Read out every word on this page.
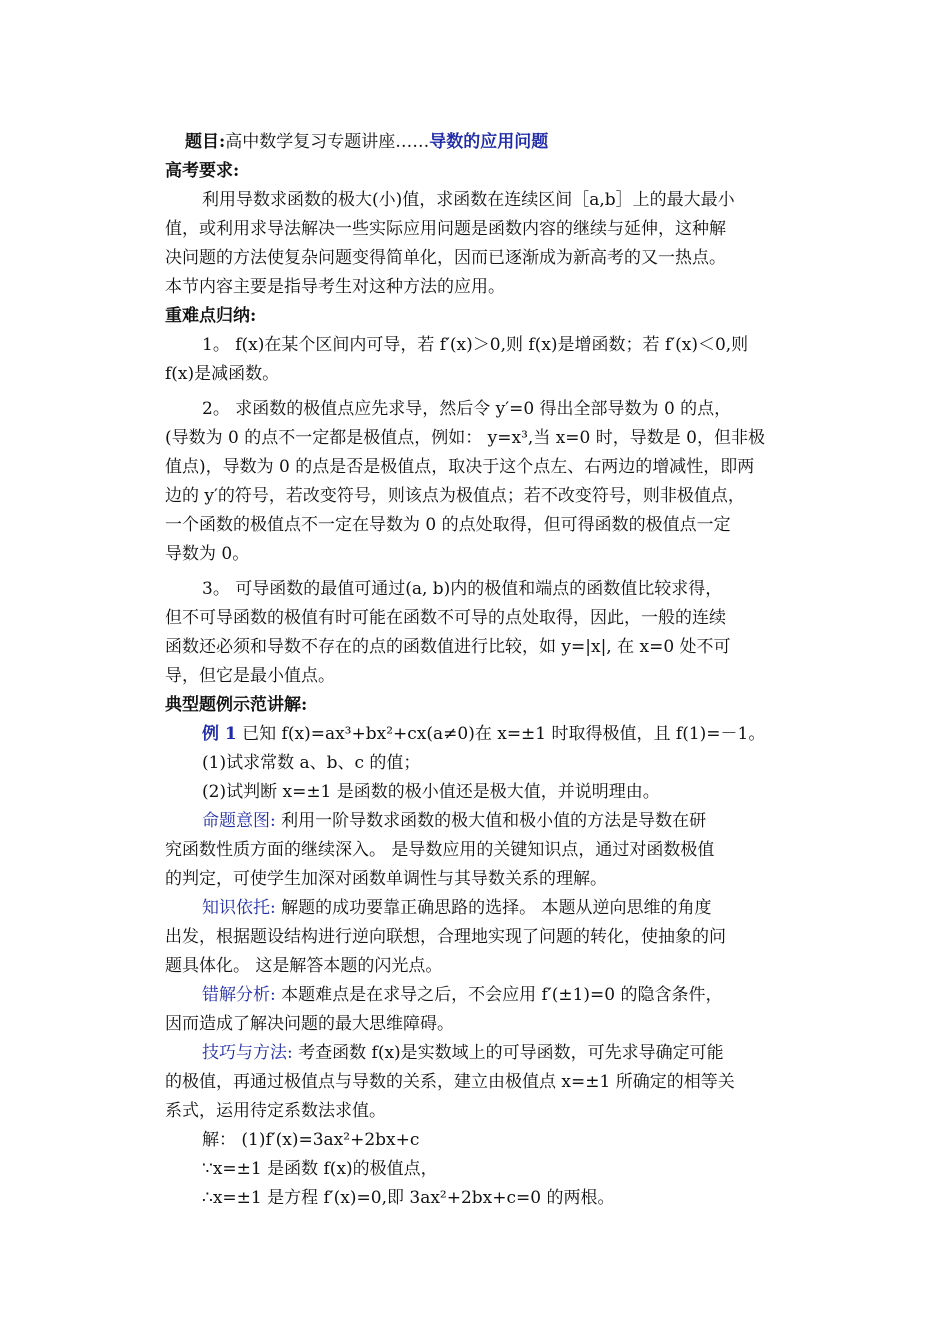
题目:高中数学复习专题讲座……导数的应用问题
高考要求:
利用导数求函数的极大(小)值，求函数在连续区间［a,b］上的最大最小
值，或利用求导法解决一些实际应用问题是函数内容的继续与延伸，这种解
决问题的方法使复杂问题变得简单化，因而已逐渐成为新高考的又一热点。
本节内容主要是指导考生对这种方法的应用。
重难点归纳:
1。 f(x)在某个区间内可导，若 f′(x)＞0,则 f(x)是增函数；若 f′(x)＜0,则
f(x)是减函数。
2。 求函数的极值点应先求导，然后令 y′=0 得出全部导数为 0 的点，
(导数为 0 的点不一定都是极值点，例如： y=x³,当 x=0 时，导数是 0，但非极
值点)，导数为 0 的点是否是极值点，取决于这个点左、右两边的增减性，即两
边的 y′的符号，若改变符号，则该点为极值点；若不改变符号，则非极值点，
一个函数的极值点不一定在导数为 0 的点处取得，但可得函数的极值点一定
导数为 0。
3。 可导函数的最值可通过(a, b)内的极值和端点的函数值比较求得，
但不可导函数的极值有时可能在函数不可导的点处取得，因此，一般的连续
函数还必须和导数不存在的点的函数值进行比较，如 y=|x|, 在 x=0 处不可
导，但它是最小值点。
典型题例示范讲解:
例 1 已知 f(x)=ax³+bx²+cx(a≠0)在 x=±1 时取得极值，且 f(1)=－1。
(1)试求常数 a、b、c 的值；
(2)试判断 x=±1 是函数的极小值还是极大值，并说明理由。
命题意图: 利用一阶导数求函数的极大值和极小值的方法是导数在研
究函数性质方面的继续深入。 是导数应用的关键知识点，通过对函数极值
的判定，可使学生加深对函数单调性与其导数关系的理解。
知识依托: 解题的成功要靠正确思路的选择。 本题从逆向思维的角度
出发，根据题设结构进行逆向联想，合理地实现了问题的转化，使抽象的问
题具体化。 这是解答本题的闪光点。
错解分析: 本题难点是在求导之后，不会应用 f′(±1)=0 的隐含条件，
因而造成了解决问题的最大思维障碍。
技巧与方法: 考查函数 f(x)是实数域上的可导函数，可先求导确定可能
的极值，再通过极值点与导数的关系，建立由极值点 x=±1 所确定的相等关
系式，运用待定系数法求值。
解： (1)f′(x)=3ax²+2bx+c
∵x=±1 是函数 f(x)的极值点，
∴x=±1 是方程 f′(x)=0,即 3ax²+2bx+c=0 的两根。
